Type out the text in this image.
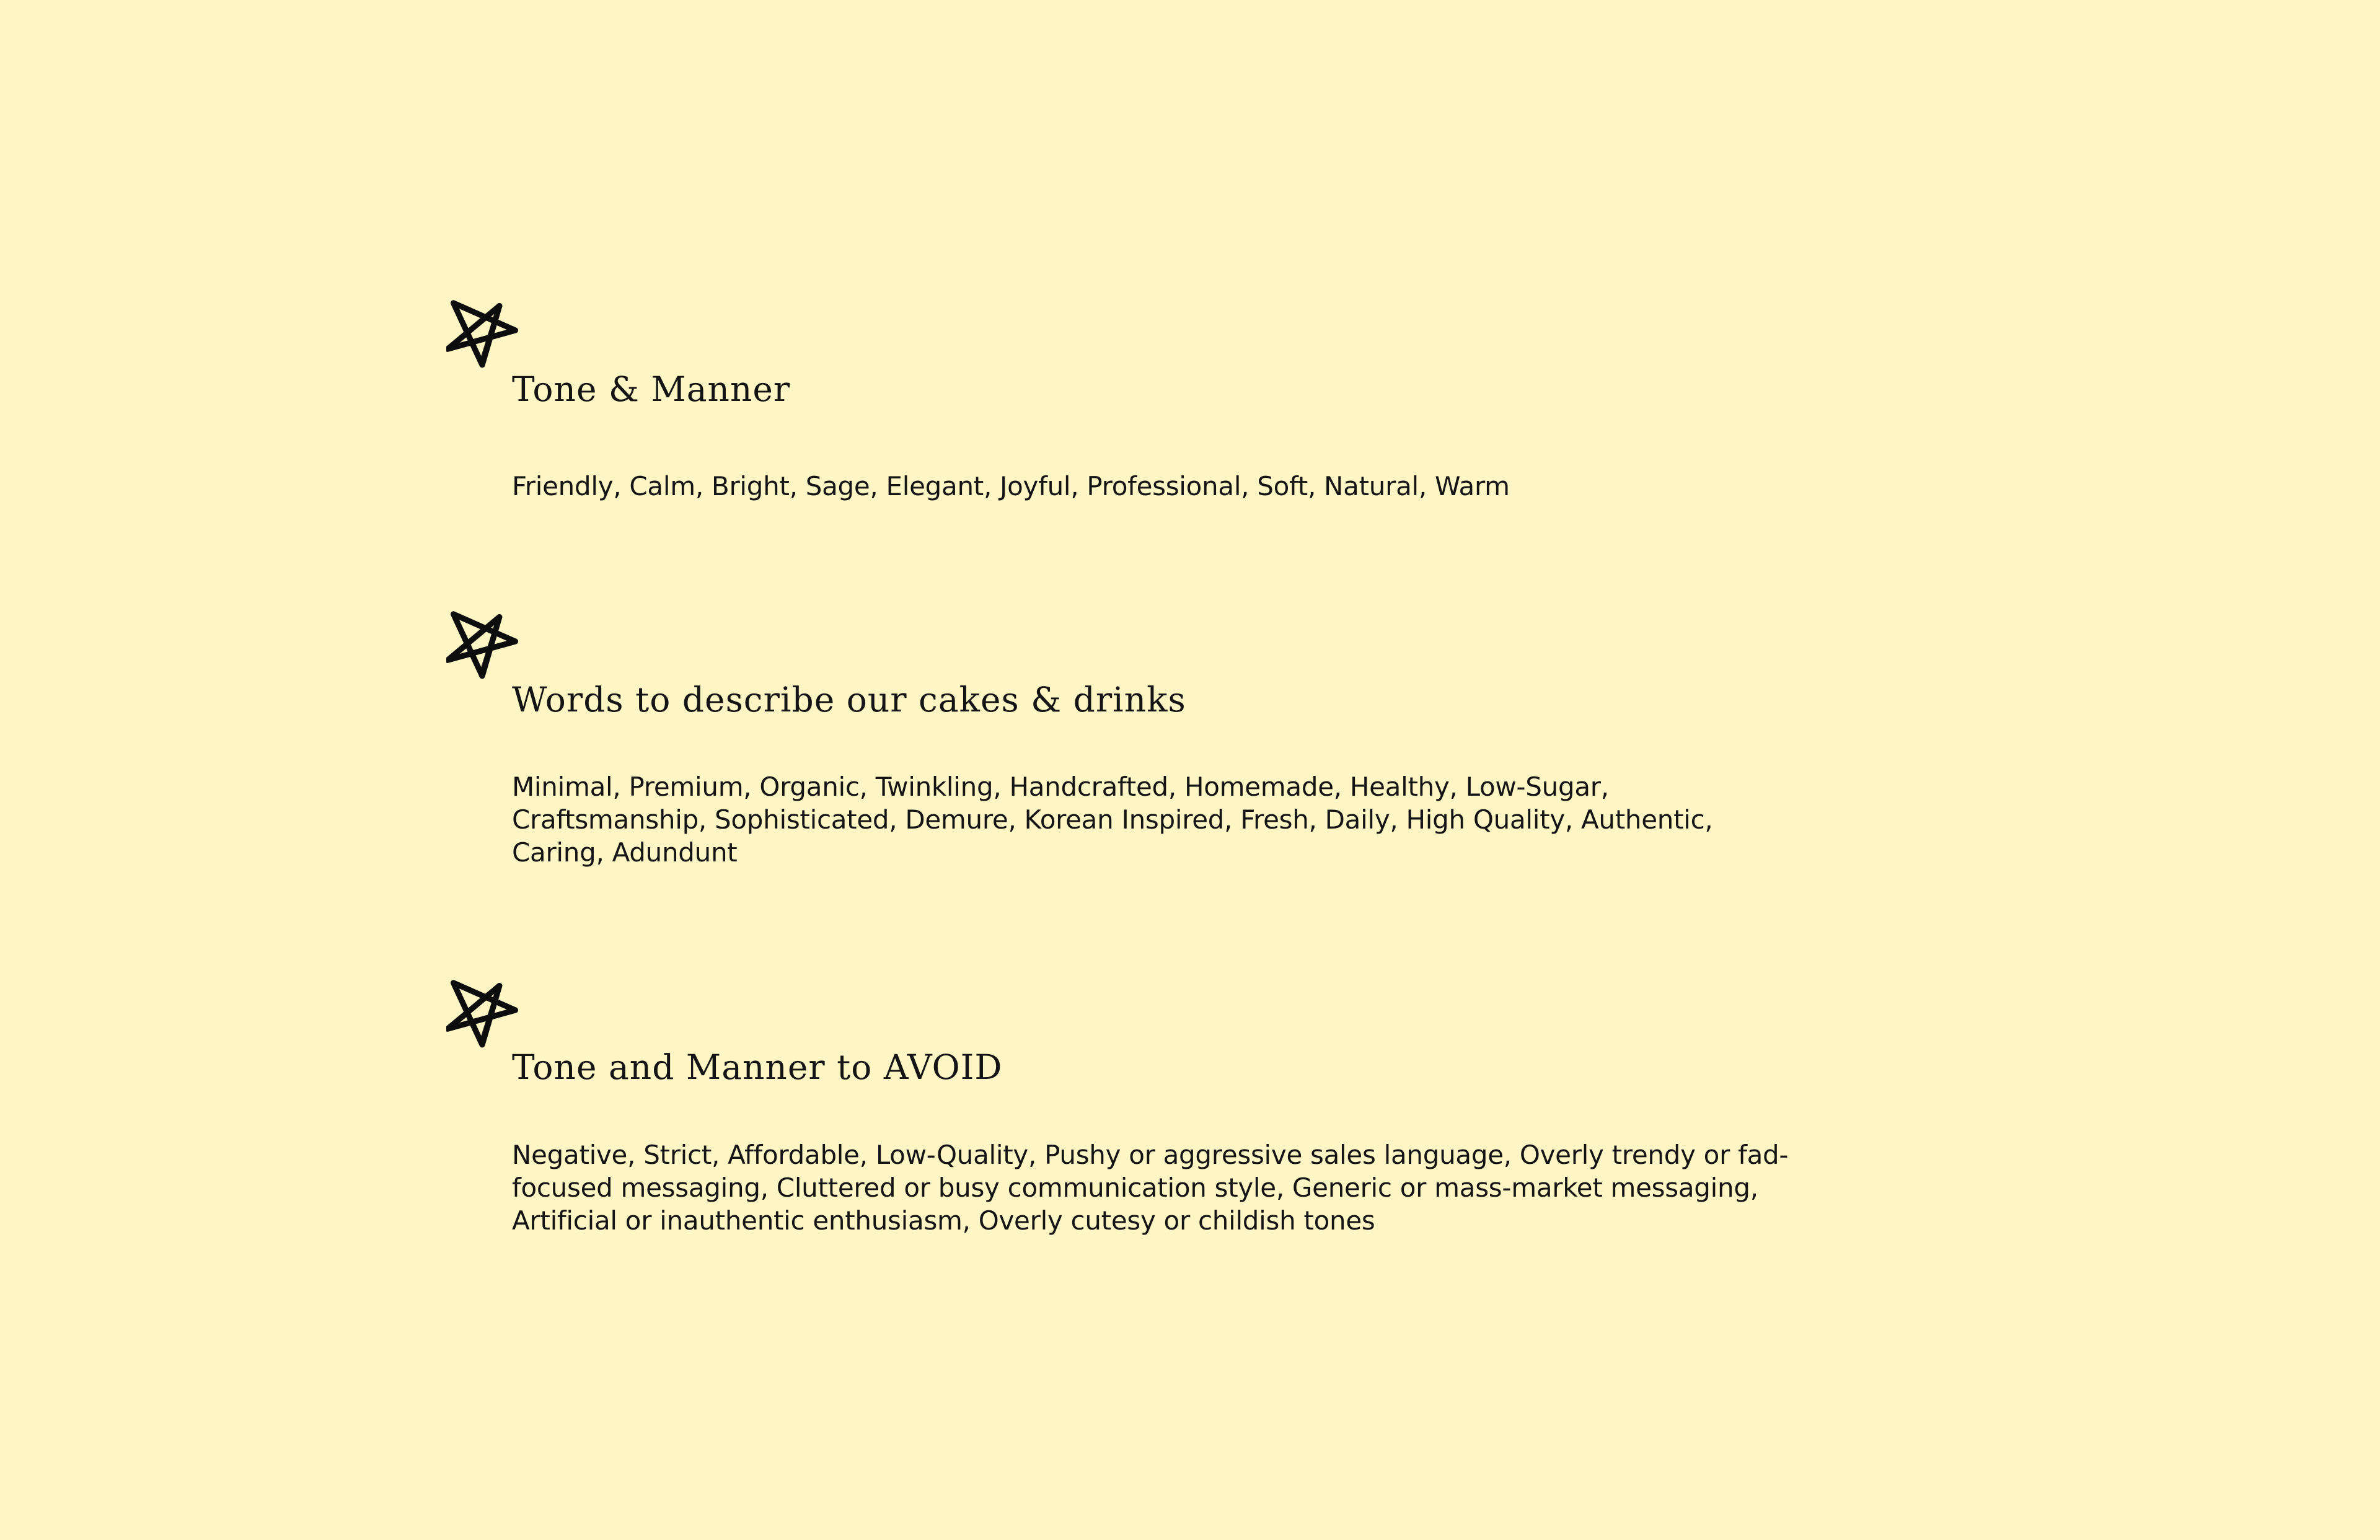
Tone & Manner
Friendly, Calm, Bright, Sage, Elegant, Joyful, Professional, Soft, Natural, Warm
Words to describe our cakes & drinks
Minimal, Premium, Organic, Twinkling, Handcrafted, Homemade, Healthy, Low-Sugar, Craftsmanship, Sophisticated, Demure, Korean Inspired, Fresh, Daily, High Quality, Authentic, Caring, Adundunt
Tone and Manner to AVOID
Negative, Strict, Affordable, Low-Quality, Pushy or aggressive sales language, Overly trendy or fad-focused messaging, Cluttered or busy communication style, Generic or mass-market messaging, Artificial or inauthentic enthusiasm, Overly cutesy or childish tones
